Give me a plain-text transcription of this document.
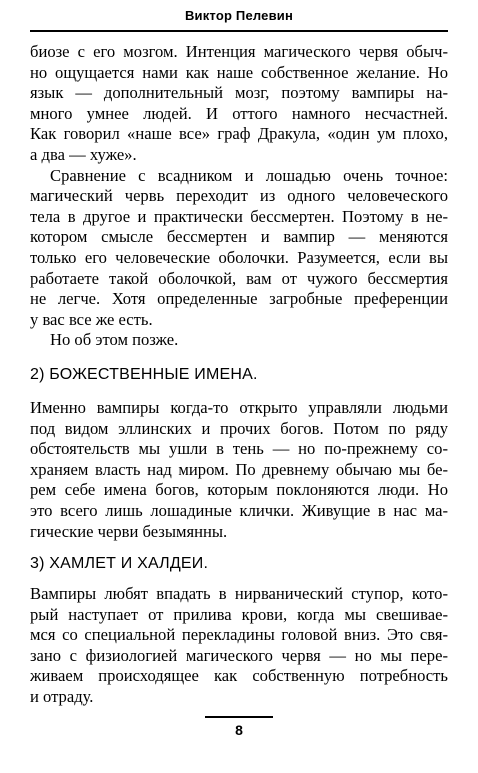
Виктор Пелевин
биозе с его мозгом. Интенция магического червя обыч-
но ощущается нами как наше собственное желание. Но
язык — дополнительный мозг, поэтому вампиры на-
много умнее людей. И оттого намного несчастней.
Как говорил «наше все» граф Дракула, «один ум плохо,
а два — хуже».
Сравнение с всадником и лошадью очень точное:
магический червь переходит из одного человеческого
тела в другое и практически бессмертен. Поэтому в не-
котором смысле бессмертен и вампир — меняются
только его человеческие оболочки. Разумеется, если вы
работаете такой оболочкой, вам от чужого бессмертия
не легче. Хотя определенные загробные преференции
у вас все же есть.
Но об этом позже.
2) БОЖЕСТВЕННЫЕ ИМЕНА.
Именно вампиры когда-то открыто управляли людьми
под видом эллинских и прочих богов. Потом по ряду
обстоятельств мы ушли в тень — но по-прежнему со-
храняем власть над миром. По древнему обычаю мы бе-
рем себе имена богов, которым поклоняются люди. Но
это всего лишь лошадиные клички. Живущие в нас ма-
гические черви безымянны.
3) ХАМЛЕТ И ХАЛДЕИ.
Вампиры любят впадать в нирванический ступор, кото-
рый наступает от прилива крови, когда мы свешивае-
мся со специальной перекладины головой вниз. Это свя-
зано с физиологией магического червя — но мы пере-
живаем происходящее как собственную потребность
и отраду.
8
